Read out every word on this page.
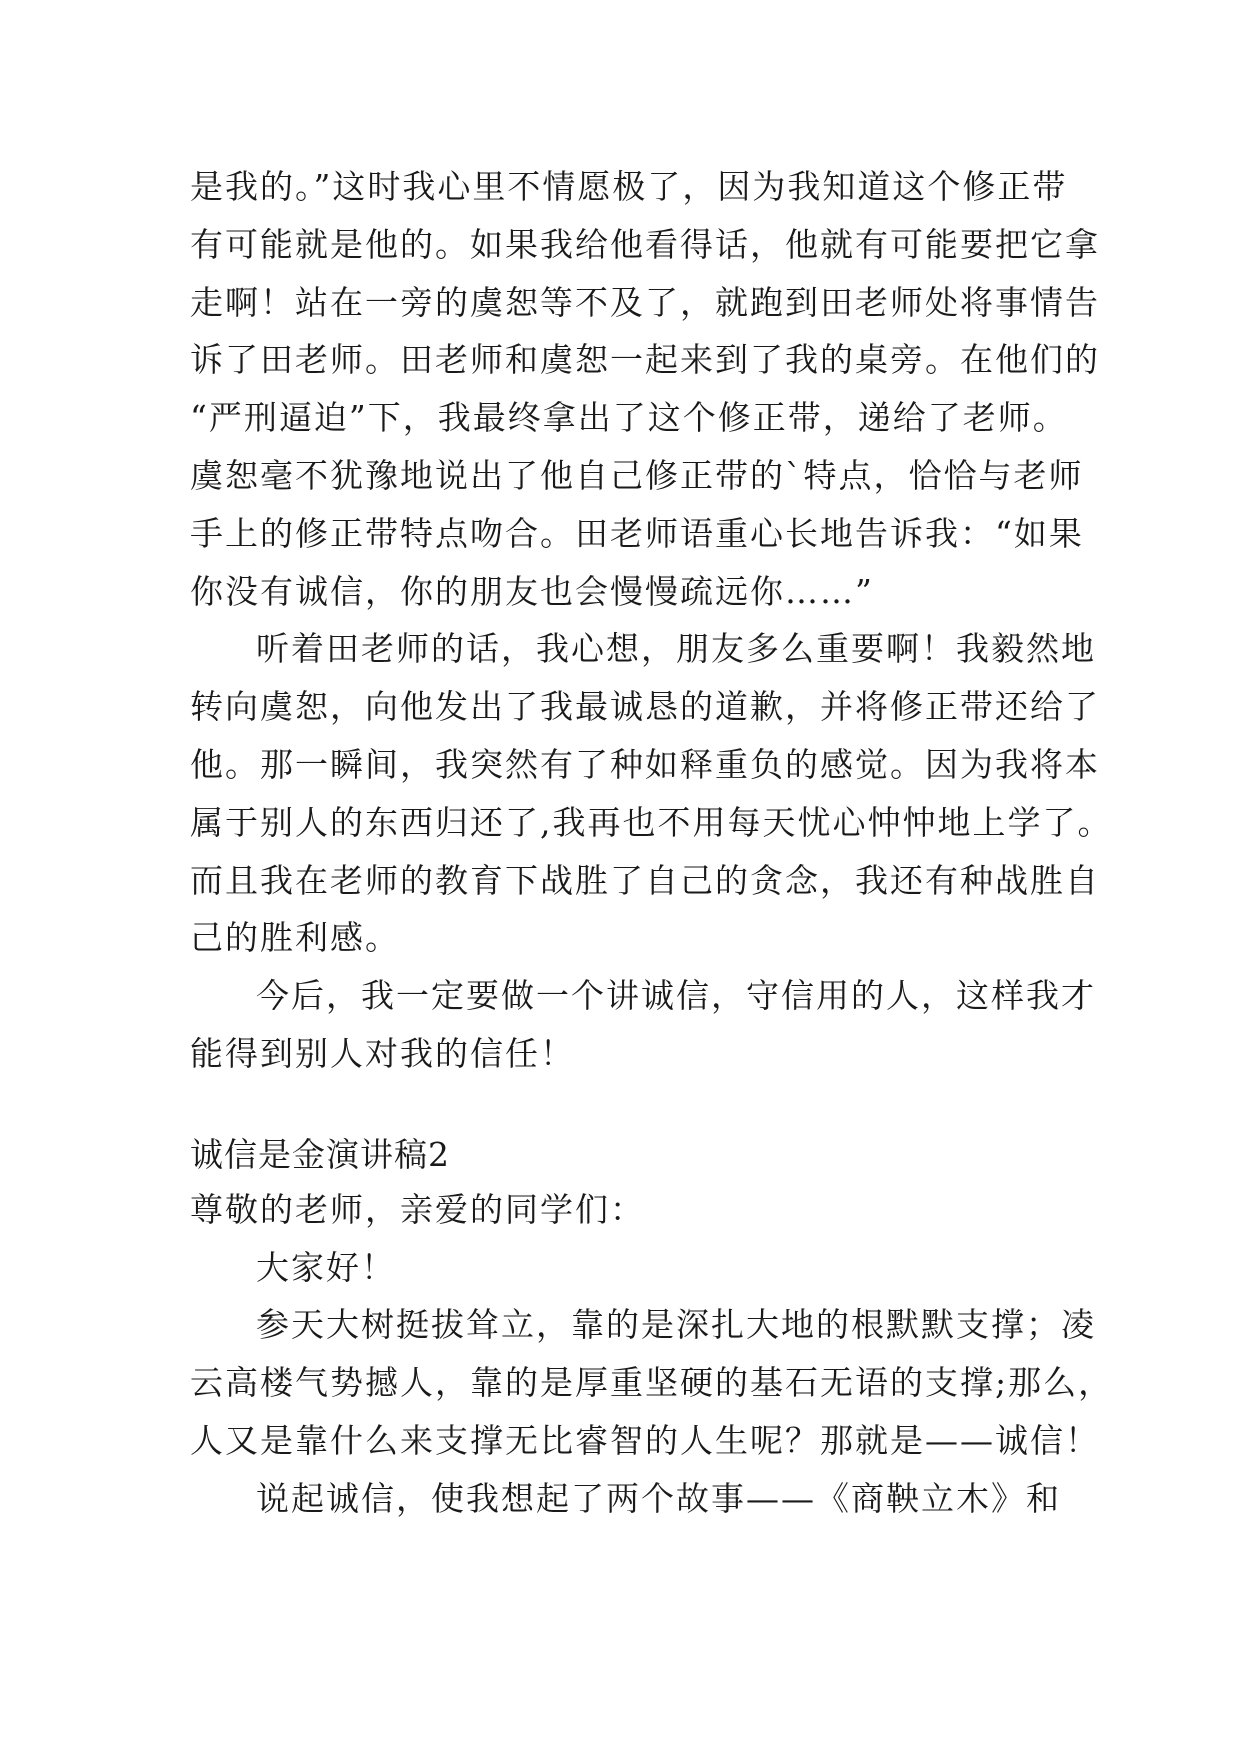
是我的。”这时我心里不情愿极了，因为我知道这个修正带
有可能就是他的。如果我给他看得话，他就有可能要把它拿
走啊！站在一旁的虞恕等不及了，就跑到田老师处将事情告
诉了田老师。田老师和虞恕一起来到了我的桌旁。在他们的
“严刑逼迫”下，我最终拿出了这个修正带，递给了老师。
虞恕毫不犹豫地说出了他自己修正带的`特点，恰恰与老师
手上的修正带特点吻合。田老师语重心长地告诉我：“如果
你没有诚信，你的朋友也会慢慢疏远你……”
听着田老师的话，我心想，朋友多么重要啊！我毅然地
转向虞恕，向他发出了我最诚恳的道歉，并将修正带还给了
他。那一瞬间，我突然有了种如释重负的感觉。因为我将本
属于别人的东西归还了,我再也不用每天忧心忡忡地上学了。
而且我在老师的教育下战胜了自己的贪念，我还有种战胜自
己的胜利感。
今后，我一定要做一个讲诚信，守信用的人，这样我才
能得到别人对我的信任！
诚信是金演讲稿2
尊敬的老师，亲爱的同学们：
大家好！
参天大树挺拔耸立，靠的是深扎大地的根默默支撑；凌
云高楼气势撼人，靠的是厚重坚硬的基石无语的支撑;那么，
人又是靠什么来支撑无比睿智的人生呢？那就是——诚信！
说起诚信，使我想起了两个故事——《商鞅立木》和
